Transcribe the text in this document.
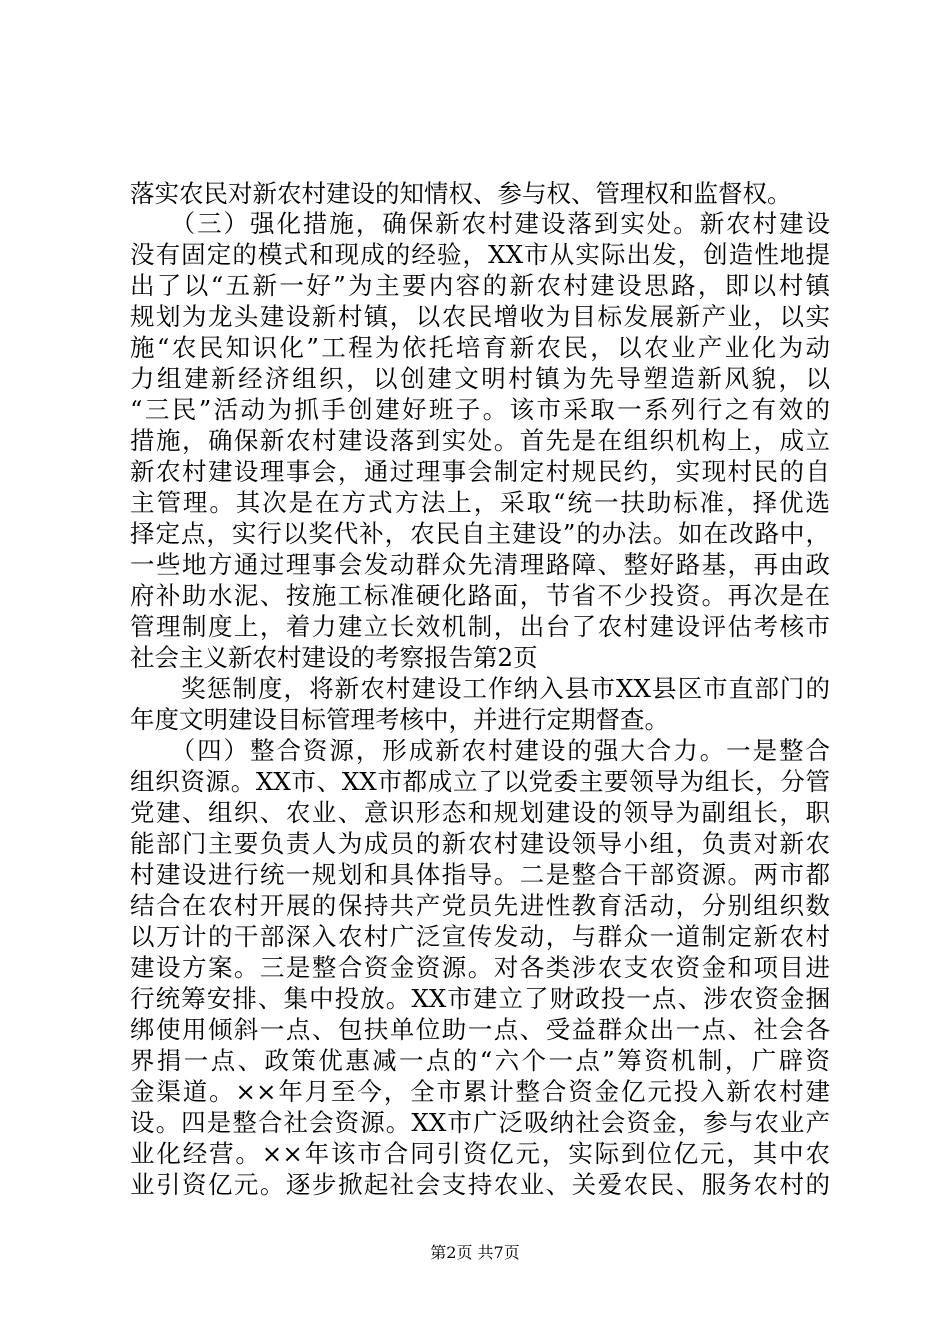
落实农民对新农村建设的知情权、参与权、管理权和监督权。
　　（三）强化措施，确保新农村建设落到实处。新农村建设
没有固定的模式和现成的经验，XX市从实际出发，创造性地提
出了以“五新一好”为主要内容的新农村建设思路，即以村镇
规划为龙头建设新村镇，以农民增收为目标发展新产业，以实
施“农民知识化”工程为依托培育新农民，以农业产业化为动
力组建新经济组织，以创建文明村镇为先导塑造新风貌，以
“三民”活动为抓手创建好班子。该市采取一系列行之有效的
措施，确保新农村建设落到实处。首先是在组织机构上，成立
新农村建设理事会，通过理事会制定村规民约，实现村民的自
主管理。其次是在方式方法上，采取“统一扶助标准，择优选
择定点，实行以奖代补，农民自主建设”的办法。如在改路中，
一些地方通过理事会发动群众先清理路障、整好路基，再由政
府补助水泥、按施工标准硬化路面，节省不少投资。再次是在
管理制度上，着力建立长效机制，出台了农村建设评估考核市
社会主义新农村建设的考察报告第2页
　　奖惩制度，将新农村建设工作纳入县市XX县区市直部门的
年度文明建设目标管理考核中，并进行定期督查。
　　（四）整合资源，形成新农村建设的强大合力。一是整合
组织资源。XX市、XX市都成立了以党委主要领导为组长，分管
党建、组织、农业、意识形态和规划建设的领导为副组长，职
能部门主要负责人为成员的新农村建设领导小组，负责对新农
村建设进行统一规划和具体指导。二是整合干部资源。两市都
结合在农村开展的保持共产党员先进性教育活动，分别组织数
以万计的干部深入农村广泛宣传发动，与群众一道制定新农村
建设方案。三是整合资金资源。对各类涉农支农资金和项目进
行统筹安排、集中投放。XX市建立了财政投一点、涉农资金捆
绑使用倾斜一点、包扶单位助一点、受益群众出一点、社会各
界捐一点、政策优惠减一点的“六个一点”筹资机制，广辟资
金渠道。××年月至今，全市累计整合资金亿元投入新农村建
设。四是整合社会资源。XX市广泛吸纳社会资金，参与农业产
业化经营。××年该市合同引资亿元，实际到位亿元，其中农
业引资亿元。逐步掀起社会支持农业、关爱农民、服务农村的
第2页 共7页
